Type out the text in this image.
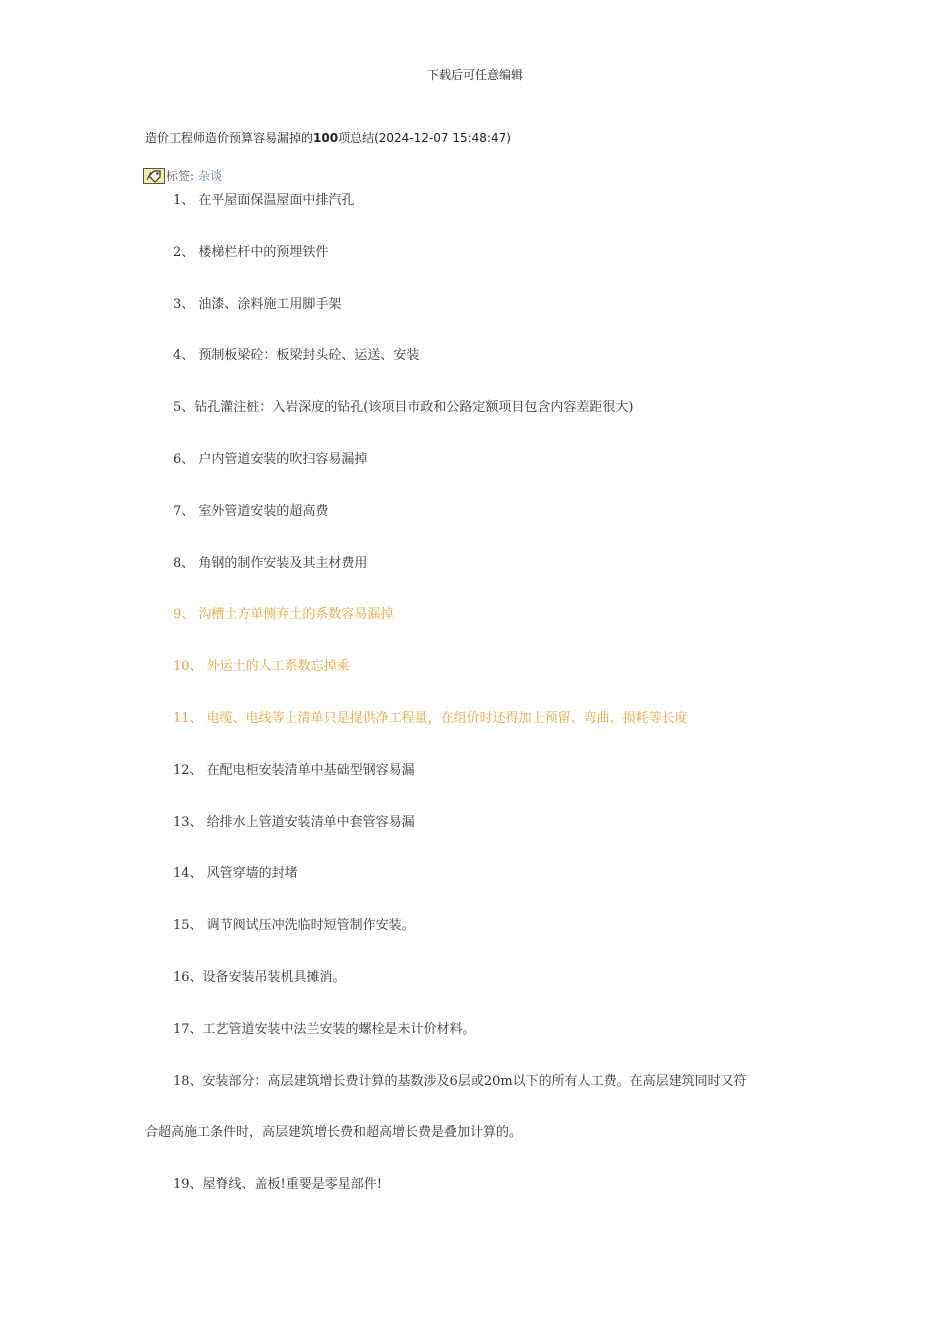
下载后可任意编辑
造价工程师造价预算容易漏掉的100项总结(2024-12-07 15:48:47)
标签: 杂谈
1、 在平屋面保温屋面中排汽孔
2、 楼梯栏杆中的预埋铁件
3、 油漆、涂料施工用脚手架
4、 预制板梁砼：板梁封头砼、运送、安装
5、钻孔灌注桩：入岩深度的钻孔(该项目市政和公路定额项目包含内容差距很大)
6、 户内管道安装的吹扫容易漏掉
7、 室外管道安装的超高费
8、 角钢的制作安装及其主材费用
9、 沟槽土方单侧弃土的系数容易漏掉
10、 外运土的人工系数忘掉乘
11、 电缆、电线等上清单只是提供净工程量，在组价时还得加上预留、弯曲、损耗等长度
12、 在配电柜安装清单中基础型钢容易漏
13、 给排水上管道安装清单中套管容易漏
14、 风管穿墙的封堵
15、 调节阀试压冲洗临时短管制作安装。
16、设备安装吊装机具摊消。
17、工艺管道安装中法兰安装的螺栓是未计价材料。
18、安装部分：高层建筑增长费计算的基数涉及6层或20m以下的所有人工费。在高层建筑同时又符
合超高施工条件时，高层建筑增长费和超高增长费是叠加计算的。
19、屋脊线、盖板!重要是零星部件!
